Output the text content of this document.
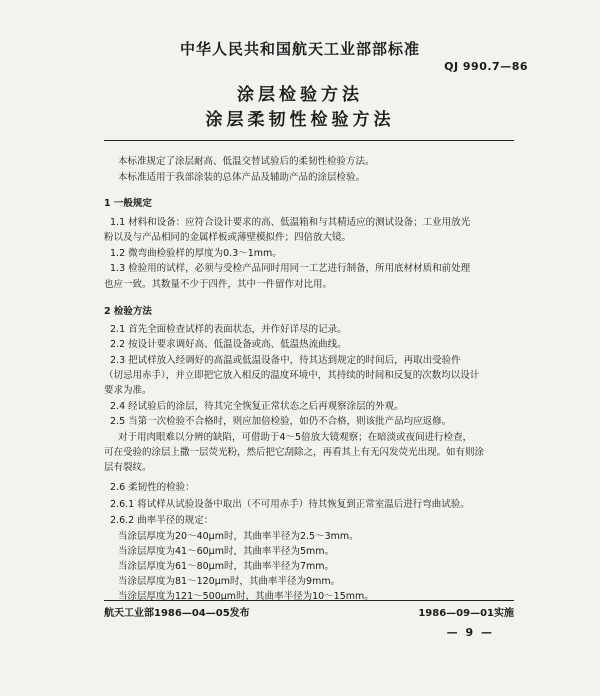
中华人民共和国航天工业部部标准
QJ 990.7—86
涂层检验方法
涂层柔韧性检验方法
本标准规定了涂层耐高、低温交替试验后的柔韧性检验方法。
本标准适用于我部涂装的总体产品及辅助产品的涂层检验。
1 一般规定
1.1 材料和设备：应符合设计要求的高、低温箱和与其精适应的测试设备；工业用放光
粉以及与产品相同的金属样板或薄壁模拟件；四倍放大镜。
1.2 微弯曲检验样的厚度为0.3～1mm。
1.3 检验用的试样，必须与受检产品同时用同一工艺进行制备，所用底材材质和前处理
也应一致。其数量不少于四件，其中一件留作对比用。
2 检验方法
2.1 首先全面检查试样的表面状态，并作好详尽的记录。
2.2 按设计要求调好高、低温设备或高、低温热流曲线。
2.3 把试样放入经调好的高温或低温设备中，待其达到规定的时间后，再取出受验件
（切忌用赤手），并立即把它放入相反的温度环境中，其持续的时间和反复的次数均以设计
要求为准。
2.4 经试验后的涂层，待其完全恢复正常状态之后再观察涂层的外观。
2.5 当第一次检验不合格时，则应加倍检验，如仍不合格，则该批产品均应返修。
对于用肉眼难以分辨的缺陷，可借助于4～5倍放大镜观察；在暗淡或夜间进行检查，
可在受验的涂层上撒一层荧光粉，然后把它刮除之，再看其上有无闪发荧光出现。如有则涂
层有裂纹。
2.6 柔韧性的检验：
2.6.1 将试样从试验设备中取出（不可用赤手）待其恢复到正常室温后进行弯曲试验。
2.6.2 曲率半径的规定：
当涂层厚度为20～40μm时，其曲率半径为2.5～3mm。
当涂层厚度为41～60μm时，其曲率半径为5mm。
当涂层厚度为61～80μm时，其曲率半径为7mm。
当涂层厚度为81～120μm时，其曲率半径为9mm。
当涂层厚度为121～500μm时，其曲率半径为10～15mm。
航天工业部1986—04—05发布	1986—09—01实施
— 9 —
